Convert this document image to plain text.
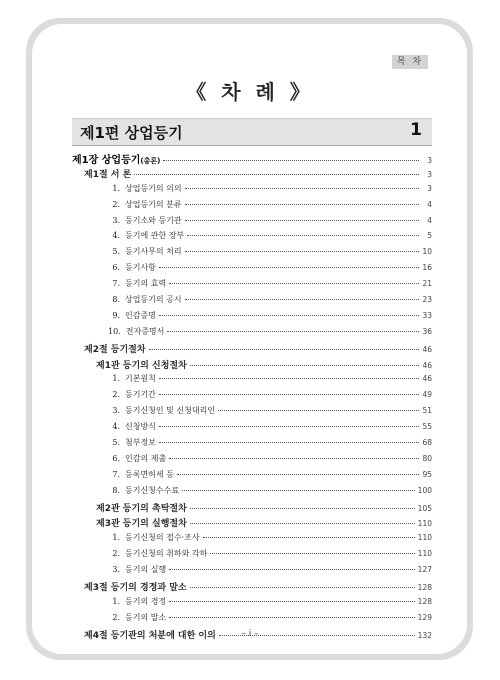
목 차
《 차 례 》
제1편 상업등기	1
제1장 상업등기(총론)	3
제1절 서 론	3
1. 상업등기의 의의	3
2. 상업등기의 분류	4
3. 등기소와 등기관	4
4. 등기에 관한 장부	5
5. 등기사무의 처리	10
6. 등기사항	16
7. 등기의 효력	21
8. 상업등기의 공시	23
9. 인감증명	33
10. 전자증명서	36
제2절 등기절차	46
제1관 등기의 신청절차	46
1. 기본원칙	46
2. 등기기간	49
3. 등기신청인 및 신청대리인	51
4. 신청방식	55
5. 첨부정보	68
6. 인감의 제출	80
7. 등록면허세 등	95
8. 등기신청수수료	100
제2관 등기의 촉탁절차	105
제3관 등기의 실행절차	110
1. 등기신청의 접수·조사	110
2. 등기신청의 취하와 각하	110
3. 등기의 실행	127
제3절 등기의 경정과 말소	128
1. 등기의 경정	128
2. 등기의 말소	129
제4절 등기관의 처분에 대한 이의	132
– i –
